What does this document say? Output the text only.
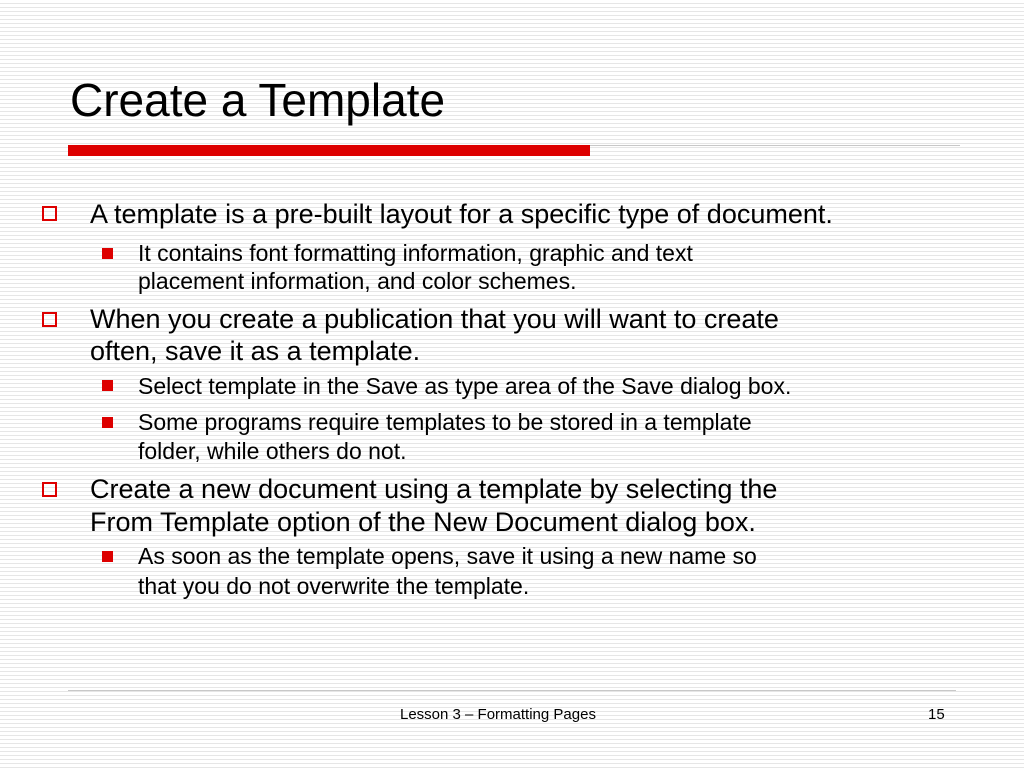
Create a Template
A template is a pre-built layout for a specific type of document.
It contains font formatting information, graphic and text
placement information, and color schemes.
When you create a publication that you will want to create
often, save it as a template.
Select template in the Save as type area of the Save dialog box.
Some programs require templates to be stored in a template
folder, while others do not.
Create a new document using a template by selecting the
From Template option of the New Document dialog box.
As soon as the template opens, save it using a new name so
that you do not overwrite the template.
Lesson 3 – Formatting Pages	15
